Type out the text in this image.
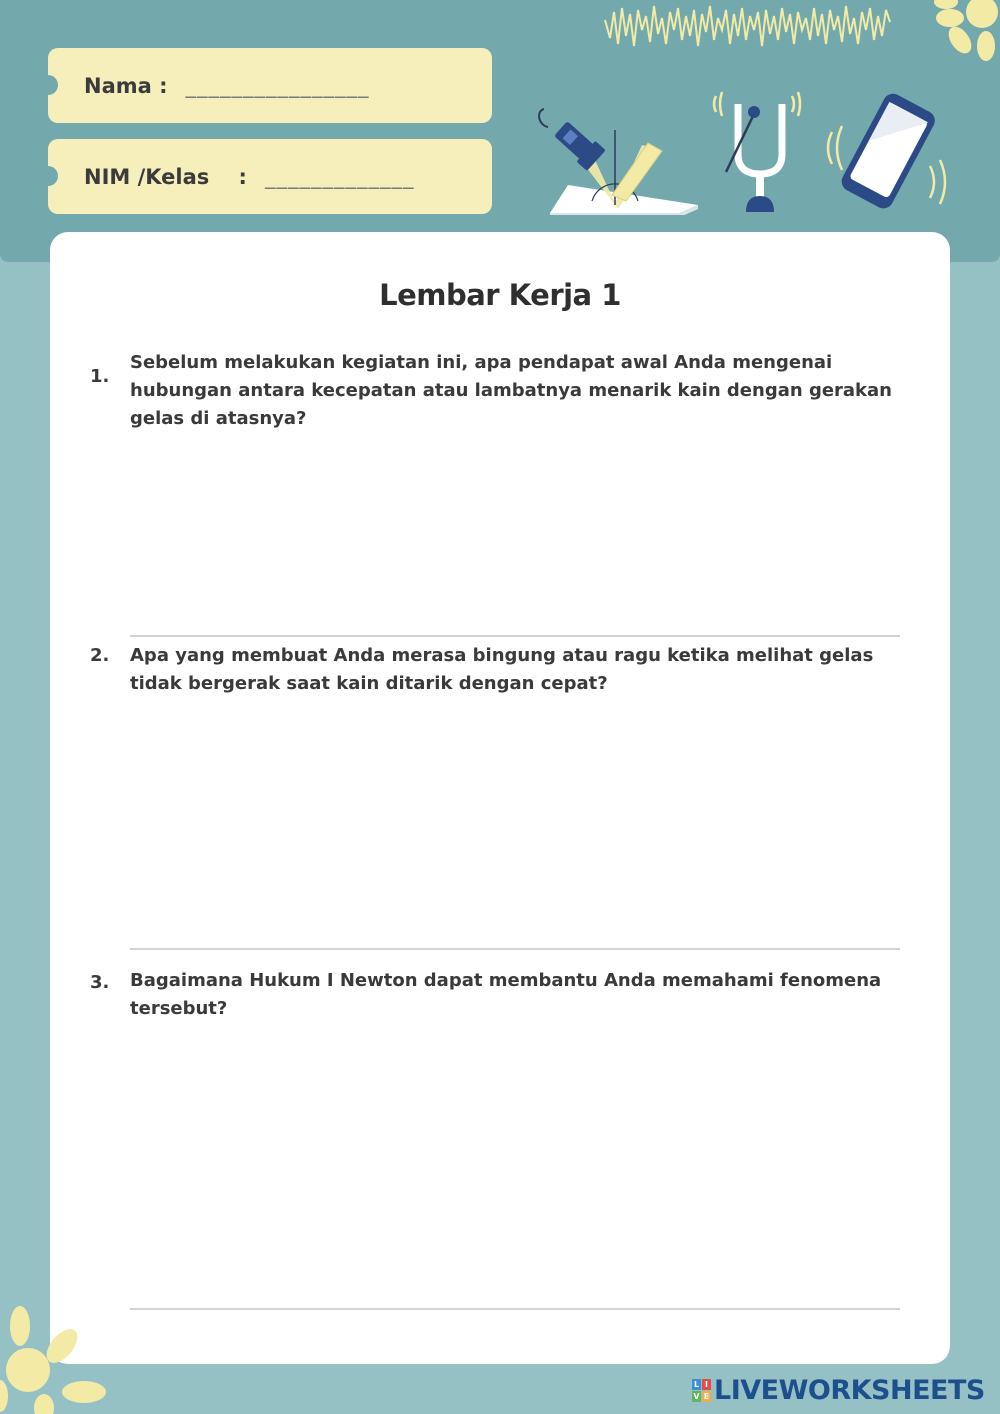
Nama : ________________
NIM /Kelas    : _____________
Lembar Kerja 1
1.
Sebelum melakukan kegiatan ini, apa pendapat awal Anda mengenai hubungan antara kecepatan atau lambatnya menarik kain dengan gerakan gelas di atasnya?
2.	Apa yang membuat Anda merasa bingung atau ragu ketika melihat gelas tidak bergerak saat kain ditarik dengan cepat?
3.	Bagaimana Hukum I Newton dapat membantu Anda memahami fenomena tersebut?
L I
V E LIVEWORKSHEETS
